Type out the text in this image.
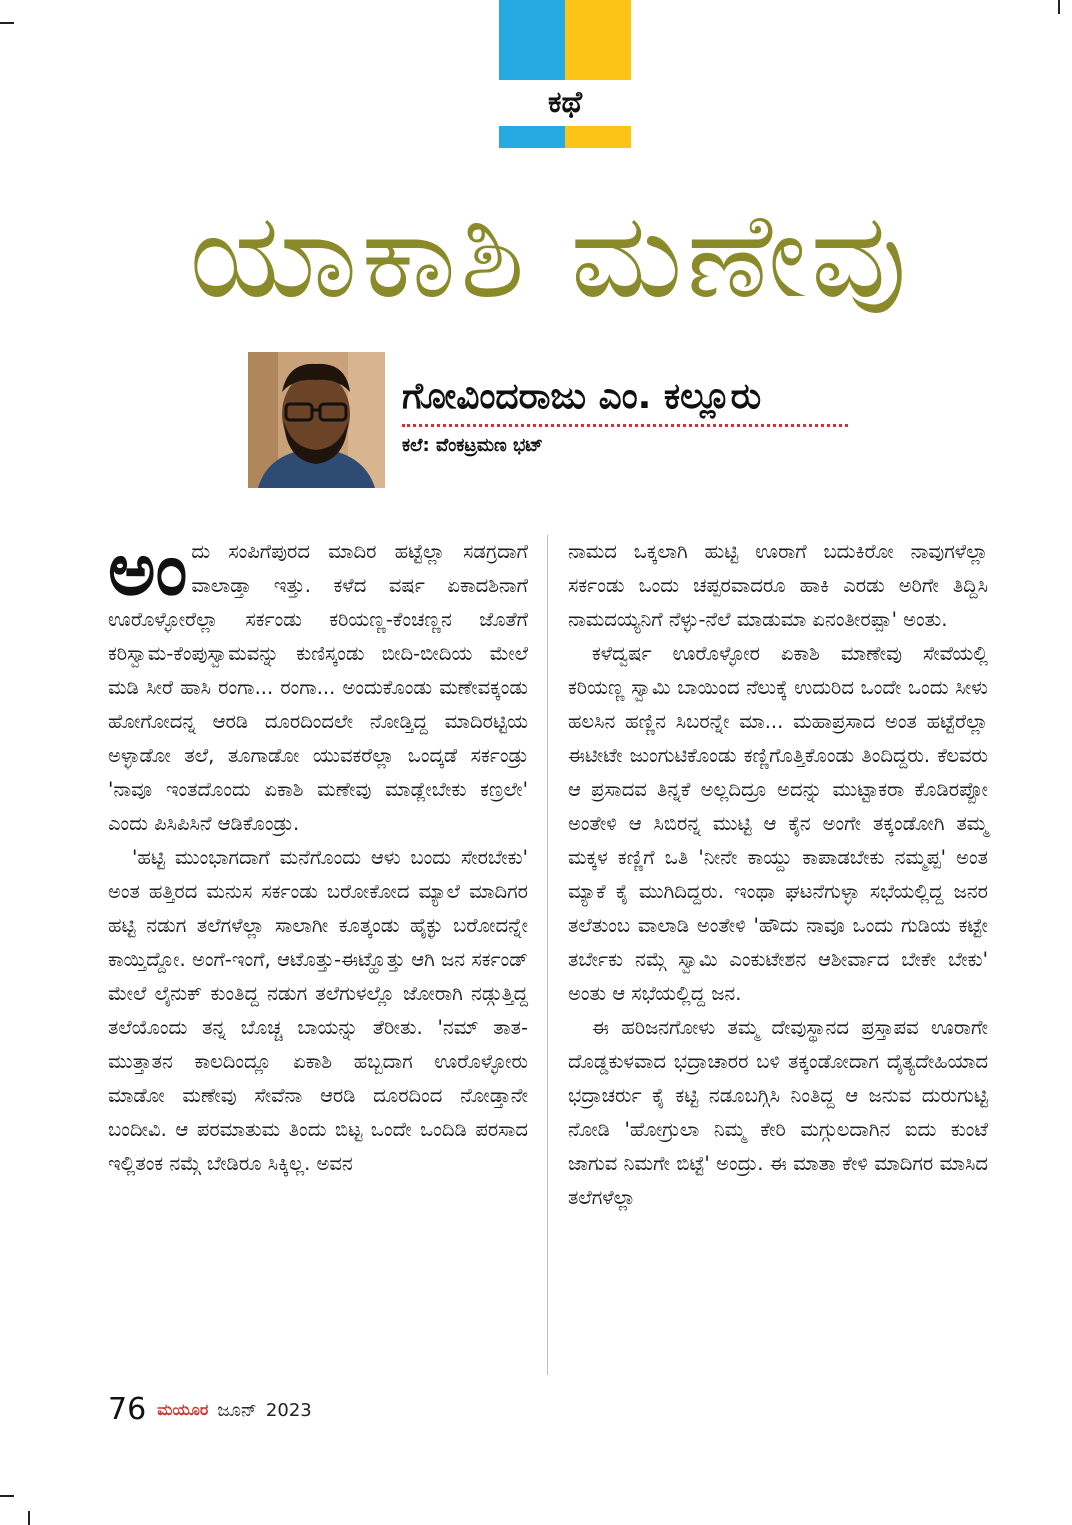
ಕಥೆ
ಯಾಕಾಶಿ ಮಣೇವು
ಗೋವಿಂದರಾಜು ಎಂ. ಕಲ್ಲೂರು
ಕಲೆ: ವೆಂಕಟ್ರಮಣ ಭಟ್

ಅಂದು ಸಂಪಿಗೆಪುರದ ಮಾದಿರ ಹಟ್ಟೆಲ್ಲಾ ಸಡಗ್ರದಾಗೆ ವಾಲಾಡ್ತಾ ಇತ್ತು. ಕಳೆದ ವರ್ಷ ಏಕಾದಶಿನಾಗೆ ಊರೊಳ್ಳೋರೆಲ್ಲಾ ಸರ್ಕಂಡು ಕರಿಯಣ್ಣ-ಕೆಂಚಣ್ಣನ ಜೊತೆಗೆ ಕರಿಸ್ವಾಮ-ಕೆಂಪುಸ್ವಾಮವನ್ನು ಕುಣಿಸ್ಕಂಡು ಬೀದಿ-ಬೀದಿಯ ಮೇಲೆ ಮಡಿ ಸೀರೆ ಹಾಸಿ ರಂಗಾ... ರಂಗಾ... ಅಂದುಕೊಂಡು ಮಣೇವಕ್ಕಂಡು ಹೋಗೋದನ್ನ ಆರಡಿ ದೂರದಿಂದಲೇ ನೋಡ್ತಿದ್ದ ಮಾದಿರಟ್ಟಿಯ ಅಳ್ಳಾಡೋ ತಲೆ, ತೂಗಾಡೋ ಯುವಕರೆಲ್ಲಾ ಒಂದ್ಕಡೆ ಸರ್ಕಂಡ್ರು 'ನಾವೂ ಇಂತದೊಂದು ಏಕಾಶಿ ಮಣೇವು ಮಾಡ್ಲೇಬೇಕು ಕಣ್ರಲೇ' ಎಂದು ಪಿಸಿಪಿಸಿನೆ ಆಡಿಕೊಂಡ್ರು.

'ಹಟ್ಟಿ ಮುಂಭಾಗದಾಗೆ ಮನೆಗೊಂದು ಆಳು ಬಂದು ಸೇರಬೇಕು' ಅಂತ ಹತ್ತಿರದ ಮನುಸ ಸರ್ಕಂಡು ಬರೋಕೋದ ಮ್ಯಾಲೆ ಮಾದಿಗರ ಹಟ್ಟಿ ನಡುಗ ತಲೆಗಳೆಲ್ಲಾ ಸಾಲಾಗೀ ಕೂತ್ಕಂಡು ಹೈಕ್ಳು ಬರೋದನ್ನೇ ಕಾಯ್ತಿದ್ದೋ. ಅಂಗೆ-ಇಂಗೆ, ಆಟೊತ್ತು-ಈಟ್ಹೊತ್ತು ಆಗಿ ಜನ ಸರ್ಕಂಡ್ ಮೇಲೆ ಲೈನುಕ್ ಕುಂತಿದ್ದ ನಡುಗ ತಲೆಗುಳಲ್ಲೊ ಜೋರಾಗಿ ನಡ್ಗುತ್ತಿದ್ದ ತಲೆಯೊಂದು ತನ್ನ ಬೊಚ್ಚ ಬಾಯನ್ನು ತೆರೀತು. 'ನಮ್ ತಾತ-ಮುತ್ತಾತನ ಕಾಲದಿಂದ್ಲೂ ಏಕಾಶಿ ಹಬ್ಬದಾಗ ಊರೊಳ್ಳೋರು ಮಾಡೋ ಮಣೇವು ಸೇವೆನಾ ಆರಡಿ ದೂರದಿಂದ ನೋಡ್ತಾನೇ ಬಂದೀವಿ. ಆ ಪರಮಾತುಮ ತಿಂದು ಬಿಟ್ಟ ಒಂದೇ ಒಂದಿಡಿ ಪರಸಾದ ಇಲ್ಲಿತಂಕ ನಮ್ಗೆ ಬೇಡಿರೂ ಸಿಕ್ಕಿಲ್ಲ. ಅವನ

ನಾಮದ ಒಕ್ಕಲಾಗಿ ಹುಟ್ಟಿ ಊರಾಗೆ ಬದುಕಿರೋ ನಾವುಗಳೆಲ್ಲಾ ಸರ್ಕಂಡು ಒಂದು ಚಪ್ಪರವಾದರೂ ಹಾಕಿ ಎರಡು ಅರಿಗೇ ತಿದ್ದಿಸಿ ನಾಮದಯ್ಯನಿಗೆ ನೆಳ್ಳು-ನೆಲೆ ಮಾಡುಮಾ ಏನಂತೀರಪ್ಪಾ' ಅಂತು.

ಕಳೆದ್ವರ್ಷ ಊರೊಳ್ಳೋರ ಏಕಾಶಿ ಮಾಣೇವು ಸೇವೆಯಲ್ಲಿ ಕರಿಯಣ್ಣ ಸ್ವಾಮಿ ಬಾಯಿಂದ ನೆಲುಕ್ಕೆ ಉದುರಿದ ಒಂದೇ ಒಂದು ಸೀಳು ಹಲಸಿನ ಹಣ್ಣಿನ ಸಿಬರನ್ನೇ ಮಾ... ಮಹಾಪ್ರಸಾದ ಅಂತ ಹಟ್ಟೆರೆಲ್ಲಾ ಈಟೀಟೇ ಜುಂಗುಟಿಕೊಂಡು ಕಣ್ಣಿಗೊತ್ತಿಕೊಂಡು ತಿಂದಿದ್ದರು. ಕೆಲವರು ಆ ಪ್ರಸಾದವ ತಿನ್ನಕೆ ಅಲ್ಲದಿದ್ರೂ ಅದನ್ನು ಮುಟ್ಟಾಕರಾ ಕೊಡಿರಪ್ಪೋ ಅಂತೇಳಿ ಆ ಸಿಬಿರನ್ನ ಮುಟ್ಟಿ ಆ ಕೈನ ಅಂಗೇ ತಕ್ಕಂಡೋಗಿ ತಮ್ಮ ಮಕ್ಕಳ ಕಣ್ಣಿಗೆ ಒತಿ 'ನೀನೇ ಕಾಯ್ದು ಕಾಪಾಡಬೇಕು ನಮ್ಮಪ್ಪ' ಅಂತ ಮ್ಯಾಕೆ ಕೈ ಮುಗಿದಿದ್ದರು. ಇಂಥಾ ಘಟನೆಗುಳ್ಳಾ ಸಭೆಯಲ್ಲಿದ್ದ ಜನರ ತಲೆತುಂಬ ವಾಲಾಡಿ ಅಂತೇಳಿ 'ಹೌದು ನಾವೂ ಒಂದು ಗುಡಿಯ ಕಟ್ಟೇ ತರ್ಬೇಕು ನಮ್ಗೆ ಸ್ವಾಮಿ ಎಂಕುಟೇಶನ ಆಶೀರ್ವಾದ ಬೇಕೇ ಬೇಕು' ಅಂತು ಆ ಸಭೆಯಲ್ಲಿದ್ದ ಜನ.

ಈ ಹರಿಜನಗೋಳು ತಮ್ಮ ದೇವುಸ್ಥಾನದ ಪ್ರಸ್ತಾಪವ ಊರಾಗೇ ದೊಡ್ಡಕುಳವಾದ ಭದ್ರಾಚಾರರ ಬಳಿ ತಕ್ಕಂಡೋದಾಗ ದೈತ್ಯದೇಹಿಯಾದ ಭದ್ರಾಚರ್ರು ಕೈ ಕಟ್ಟಿ ನಡೂಬಗ್ಗಿಸಿ ನಿಂತಿದ್ದ ಆ ಜನುವ ದುರುಗುಟ್ಟಿ ನೋಡಿ 'ಹೋಗ್ರುಲಾ ನಿಮ್ಮ ಕೇರಿ ಮಗ್ಗುಲದಾಗಿನ ಐದು ಕುಂಟೆ ಜಾಗುವ ನಿಮಗೇ ಬಿಟ್ಟೆ' ಅಂದ್ರು. ಈ ಮಾತಾ ಕೇಳಿ ಮಾದಿಗರ ಮಾಸಿದ ತಲೆಗಳೆಲ್ಲಾ

76 ಮಯೂರ ಜೂನ್ 2023
